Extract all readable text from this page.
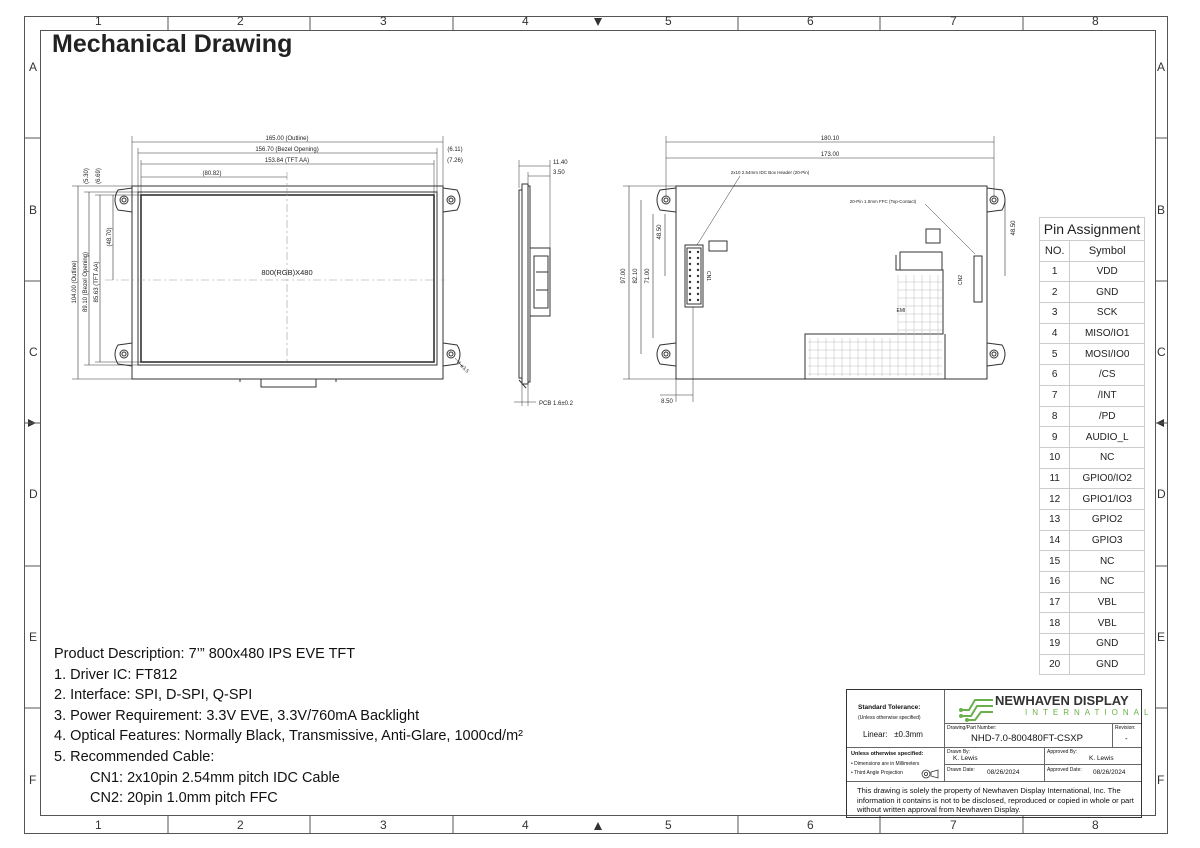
1	2	3	4	5	6	7	8
1	2	3	4	5	6	7	8
A
B
C
D
E
F
A
B
C
D
E
F
Mechanical Drawing
165.00 (Outline)
156.70 (Bezel Opening)
153.84 (TFT AA)
(80.82)
(6.11)
(7.26)
800(RGB)X480
(5.30) (6.69)
(48.70)
104.00 (Outline) 89.10 (Bezel Opening) 85.63 (TFT AA)
4-ø3.5
11.40
3.50
PCB 1.6±0.2
180.10
173.00
2x10 2.54mm IDC Box Header (20-Pin)
20-Pin 1.0mm FFC (Top-Contact)
EMI
8.50
48.50	48.50
97.00 82.10 71.00	CN1	CN2
Pin Assignment	
NO.	Symbol
1	VDD
2	GND
3	SCK
4	MISO/IO1
5	MOSI/IO0
6	/CS
7	/INT
8	/PD
9	AUDIO_L
10	NC
11	GPIO0/IO2
12	GPIO1/IO3
13	GPIO2
14	GPIO3
15	NC
16	NC
17	VBL
18	VBL
19	GND
20	GND
Product Description: 7’” 800x480 IPS EVE TFT
1. Driver IC: FT812
2. Interface: SPI, D-SPI, Q-SPI
3. Power Requirement: 3.3V EVE, 3.3V/760mA Backlight
4. Optical Features: Normally Black, Transmissive, Anti-Glare, 1000cd/m²
5. Recommended Cable:
CN1: 2x10pin 2.54mm pitch IDC Cable
CN2: 20pin 1.0mm pitch FFC
Standard Tolerance:
(Unless otherwise specified)
Linear:   ±0.3mm
NEWHAVEN DISPLAY
INTERNATIONAL
Drawing/Part Number:
NHD-7.0-800480FT-CSXP
Revision:
-
Unless otherwise specified:
• Dimensions are in Millimeters
• Third Angle Projection
Drawn By:
K. Lewis
Approved By:
K. Lewis
Drawn Date: 08/26/2024	Approved Date: 08/26/2024
This drawing is solely the property of Newhaven Display International, Inc. The information it contains is not to be disclosed, reproduced or copied in whole or part without written approval from Newhaven Display.
